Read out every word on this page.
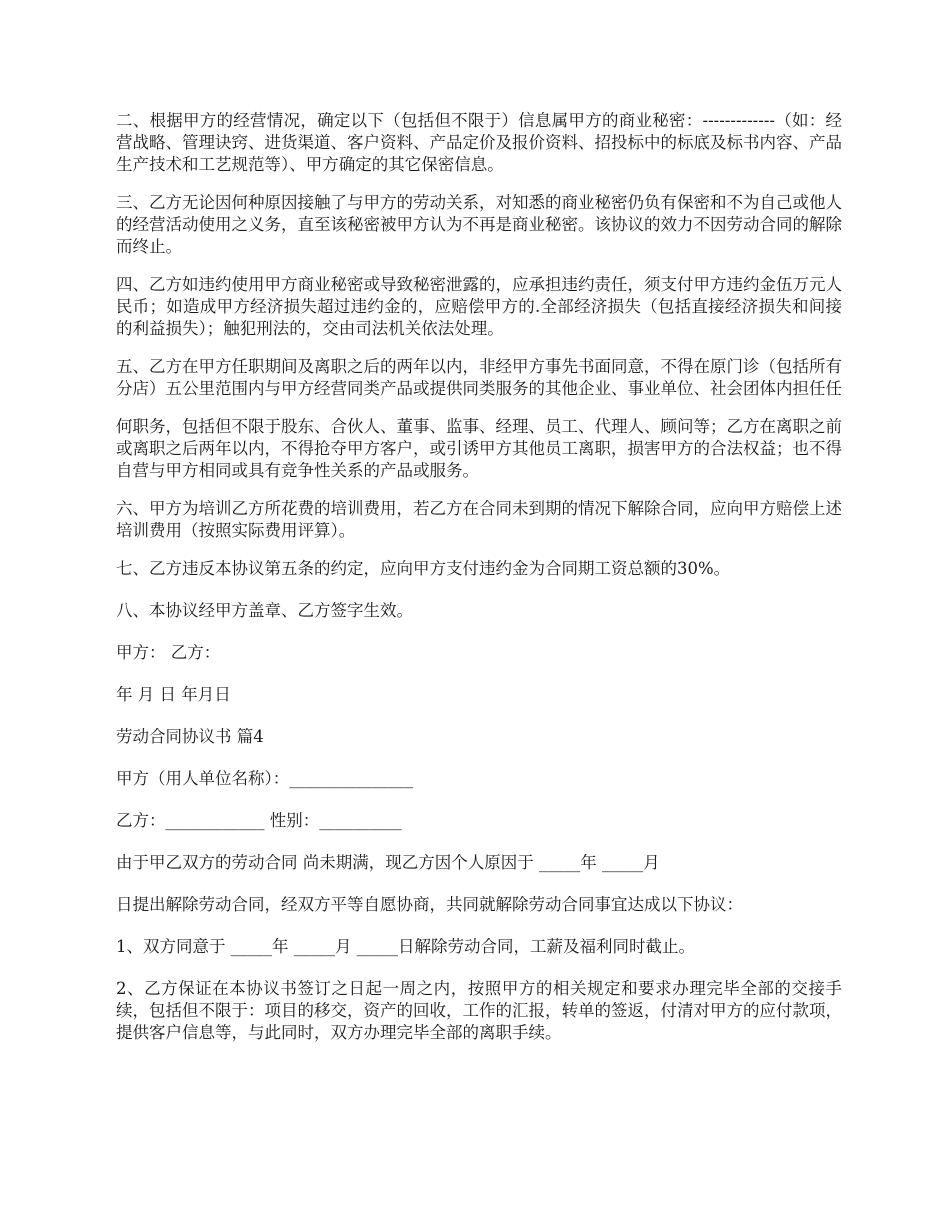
二、根据甲方的经营情况，确定以下（包括但不限于）信息属甲方的商业秘密：-------------（如：经营战略、管理诀窍、进货渠道、客户资料、产品定价及报价资料、招投标中的标底及标书内容、产品生产技术和工艺规范等）、甲方确定的其它保密信息。

三、乙方无论因何种原因接触了与甲方的劳动关系，对知悉的商业秘密仍负有保密和不为自己或他人的经营活动使用之义务，直至该秘密被甲方认为不再是商业秘密。该协议的效力不因劳动合同的解除而终止。

四、乙方如违约使用甲方商业秘密或导致秘密泄露的，应承担违约责任，须支付甲方违约金伍万元人民币；如造成甲方经济损失超过违约金的，应赔偿甲方的.全部经济损失（包括直接经济损失和间接的利益损失）；触犯刑法的，交由司法机关依法处理。

五、乙方在甲方任职期间及离职之后的两年以内，非经甲方事先书面同意，不得在原门诊（包括所有分店）五公里范围内与甲方经营同类产品或提供同类服务的其他企业、事业单位、社会团体内担任任

何职务，包括但不限于股东、合伙人、董事、监事、经理、员工、代理人、顾问等；乙方在离职之前或离职之后两年以内，不得抢夺甲方客户，或引诱甲方其他员工离职，损害甲方的合法权益；也不得自营与甲方相同或具有竞争性关系的产品或服务。

六、甲方为培训乙方所花费的培训费用，若乙方在合同未到期的情况下解除合同，应向甲方赔偿上述培训费用（按照实际费用评算）。

七、乙方违反本协议第五条的约定，应向甲方支付违约金为合同期工资总额的30%。

八、本协议经甲方盖章、乙方签字生效。

甲方： 乙方：

年 月 日 年月日

劳动合同协议书 篇4

甲方（用人单位名称）：_______________

乙方：____________ 性别：__________

由于甲乙双方的劳动合同 尚未期满，现乙方因个人原因于 _____年 _____月

日提出解除劳动合同，经双方平等自愿协商，共同就解除劳动合同事宜达成以下协议：

1、双方同意于 _____年 _____月 _____日解除劳动合同，工薪及福利同时截止。

2、乙方保证在本协议书签订之日起一周之内，按照甲方的相关规定和要求办理完毕全部的交接手续，包括但不限于：项目的移交，资产的回收，工作的汇报，转单的签返，付清对甲方的应付款项，提供客户信息等，与此同时，双方办理完毕全部的离职手续。
